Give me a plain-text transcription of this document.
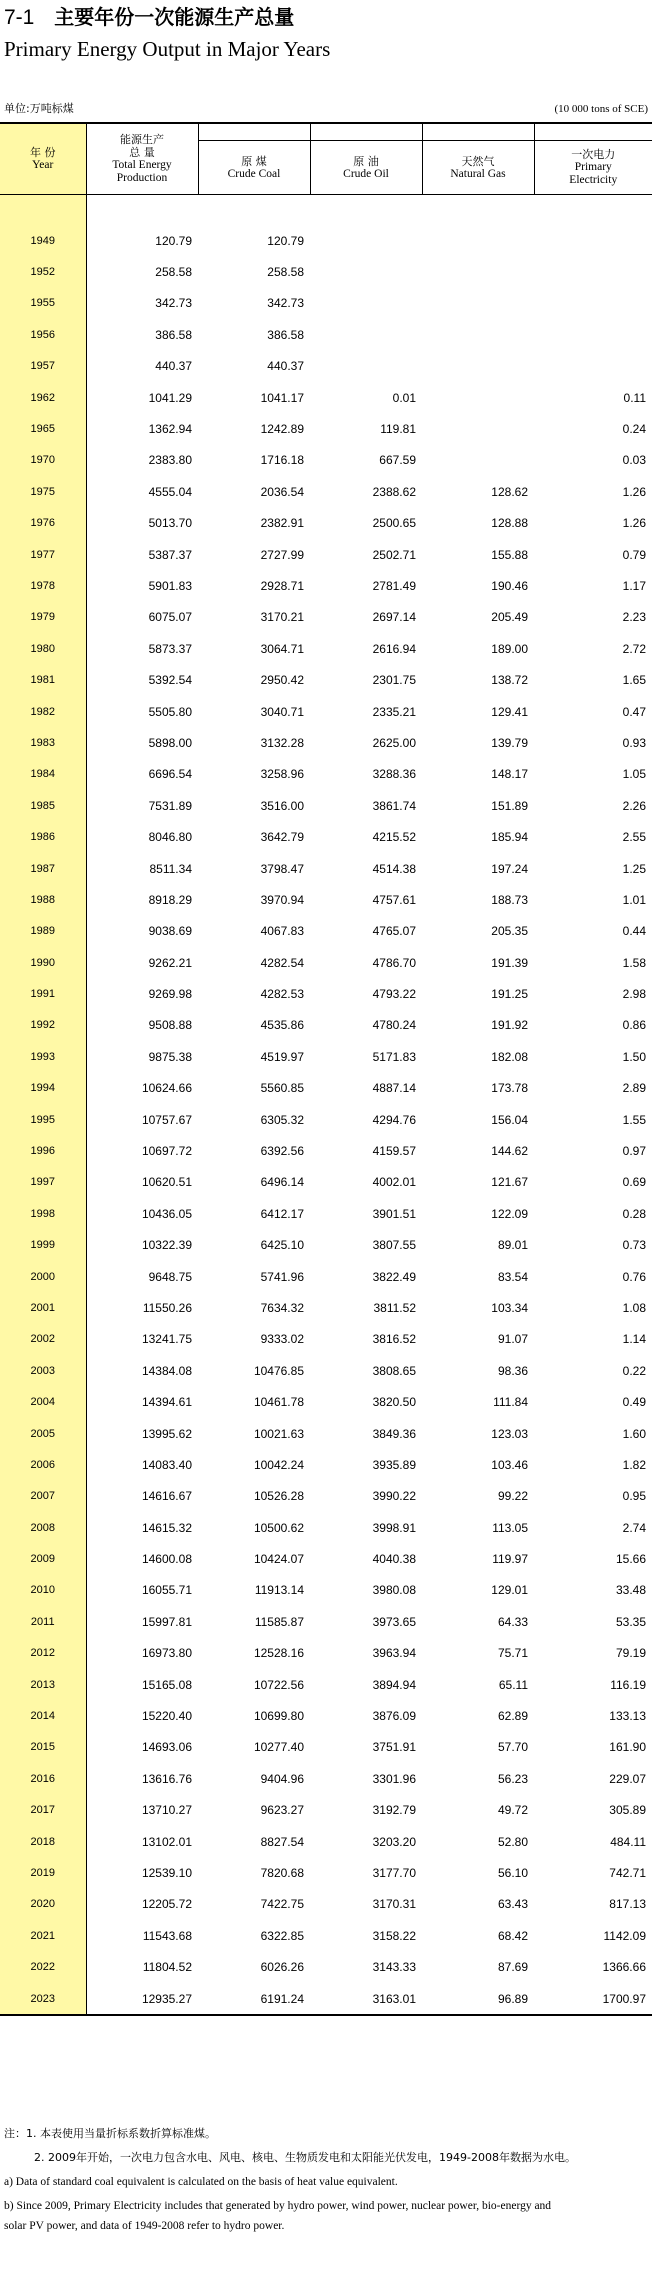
7-1 主要年份一次能源生产总量
Primary Energy Output in Major Years
单位:万吨标煤	(10 000 tons of SCE)
年 份
Year	能源生产
总 量
Total Energy
Production	原 煤
Crude Coal	原 油
Crude Oil	天然气
Natural Gas	一次电力
Primary
Electricity

1949	120.79	120.79			
1952	258.58	258.58			
1955	342.73	342.73			
1956	386.58	386.58			
1957	440.37	440.37			
1962	1041.29	1041.17	0.01		0.11
1965	1362.94	1242.89	119.81		0.24
1970	2383.80	1716.18	667.59		0.03
1975	4555.04	2036.54	2388.62	128.62	1.26
1976	5013.70	2382.91	2500.65	128.88	1.26
1977	5387.37	2727.99	2502.71	155.88	0.79
1978	5901.83	2928.71	2781.49	190.46	1.17
1979	6075.07	3170.21	2697.14	205.49	2.23
1980	5873.37	3064.71	2616.94	189.00	2.72
1981	5392.54	2950.42	2301.75	138.72	1.65
1982	5505.80	3040.71	2335.21	129.41	0.47
1983	5898.00	3132.28	2625.00	139.79	0.93
1984	6696.54	3258.96	3288.36	148.17	1.05
1985	7531.89	3516.00	3861.74	151.89	2.26
1986	8046.80	3642.79	4215.52	185.94	2.55
1987	8511.34	3798.47	4514.38	197.24	1.25
1988	8918.29	3970.94	4757.61	188.73	1.01
1989	9038.69	4067.83	4765.07	205.35	0.44
1990	9262.21	4282.54	4786.70	191.39	1.58
1991	9269.98	4282.53	4793.22	191.25	2.98
1992	9508.88	4535.86	4780.24	191.92	0.86
1993	9875.38	4519.97	5171.83	182.08	1.50
1994	10624.66	5560.85	4887.14	173.78	2.89
1995	10757.67	6305.32	4294.76	156.04	1.55
1996	10697.72	6392.56	4159.57	144.62	0.97
1997	10620.51	6496.14	4002.01	121.67	0.69
1998	10436.05	6412.17	3901.51	122.09	0.28
1999	10322.39	6425.10	3807.55	89.01	0.73
2000	9648.75	5741.96	3822.49	83.54	0.76
2001	11550.26	7634.32	3811.52	103.34	1.08
2002	13241.75	9333.02	3816.52	91.07	1.14
2003	14384.08	10476.85	3808.65	98.36	0.22
2004	14394.61	10461.78	3820.50	111.84	0.49
2005	13995.62	10021.63	3849.36	123.03	1.60
2006	14083.40	10042.24	3935.89	103.46	1.82
2007	14616.67	10526.28	3990.22	99.22	0.95
2008	14615.32	10500.62	3998.91	113.05	2.74
2009	14600.08	10424.07	4040.38	119.97	15.66
2010	16055.71	11913.14	3980.08	129.01	33.48
2011	15997.81	11585.87	3973.65	64.33	53.35
2012	16973.80	12528.16	3963.94	75.71	79.19
2013	15165.08	10722.56	3894.94	65.11	116.19
2014	15220.40	10699.80	3876.09	62.89	133.13
2015	14693.06	10277.40	3751.91	57.70	161.90
2016	13616.76	9404.96	3301.96	56.23	229.07
2017	13710.27	9623.27	3192.79	49.72	305.89
2018	13102.01	8827.54	3203.20	52.80	484.11
2019	12539.10	7820.68	3177.70	56.10	742.71
2020	12205.72	7422.75	3170.31	63.43	817.13
2021	11543.68	6322.85	3158.22	68.42	1142.09
2022	11804.52	6026.26	3143.33	87.69	1366.66
2023	12935.27	6191.24	3163.01	96.89	1700.97

注：1. 本表使用当量折标系数折算标准煤。

2. 2009年开始，一次电力包含水电、风电、核电、生物质发电和太阳能光伏发电，1949-2008年数据为水电。

a) Data of standard coal equivalent is calculated on the basis of heat value equivalent.

b) Since 2009, Primary Electricity includes that generated by hydro power, wind power, nuclear power, bio-energy and

solar PV power, and data of 1949-2008 refer to hydro power.
